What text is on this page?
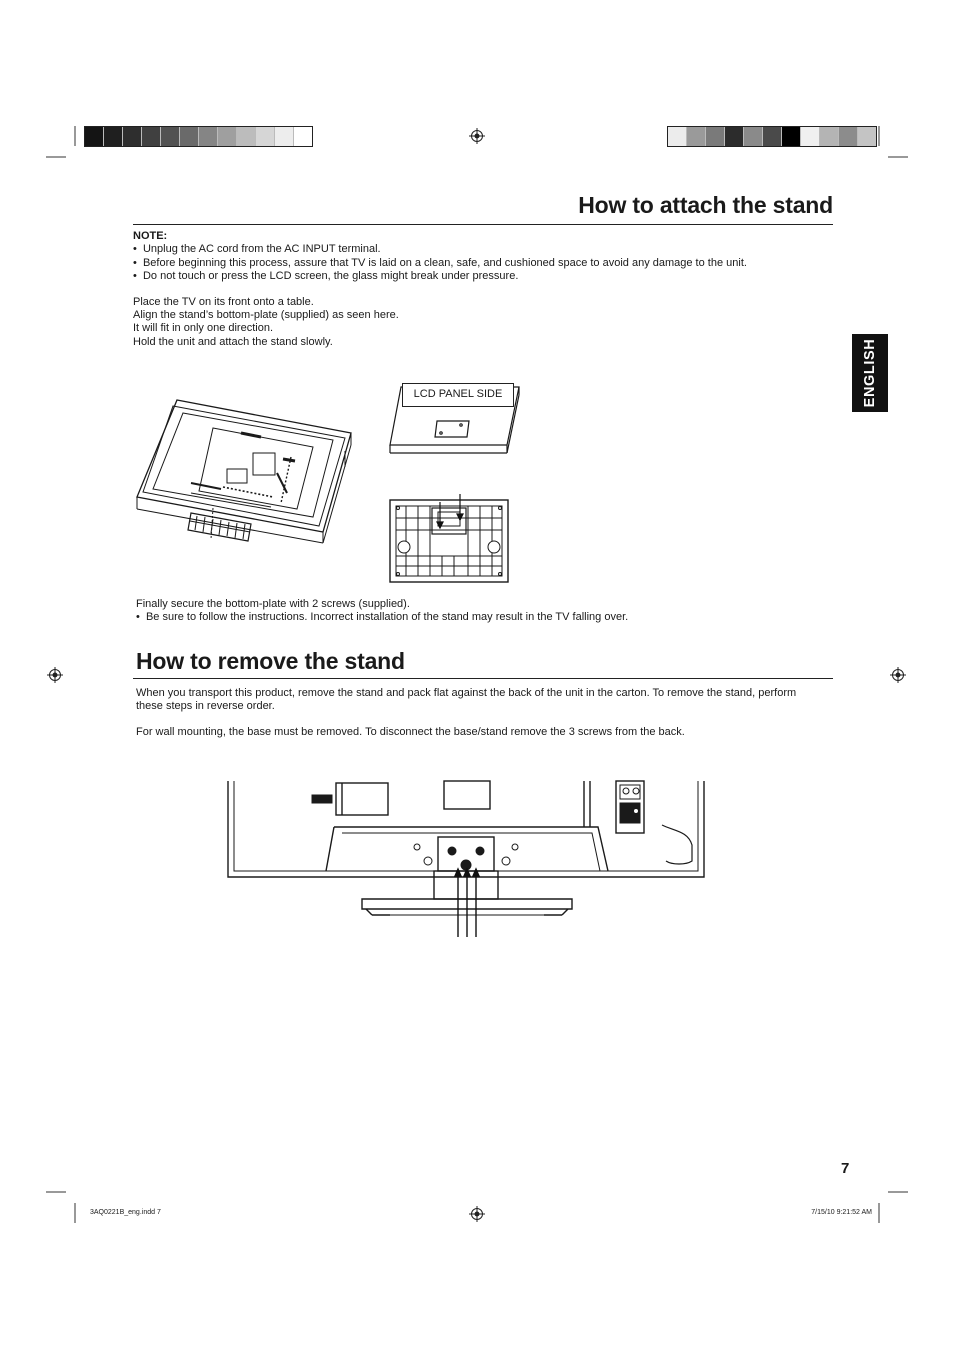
How to attach the stand
NOTE:
•  Unplug the AC cord from the AC INPUT terminal.
•  Before beginning this process, assure that TV is laid on a clean, safe, and cushioned space to avoid any damage to the unit.
•  Do not touch or press the LCD screen, the glass might break under pressure.
Place the TV on its front onto a table.
Align the stand’s bottom-plate (supplied) as seen here.
It will fit in only one direction.
Hold the unit and attach the stand slowly.	ENGLISH
LCD PANEL SIDE
Finally secure the bottom-plate with 2 screws (supplied).
•  Be sure to follow the instructions. Incorrect installation of the stand may result in the TV falling over.
How to remove the stand
When you transport this product, remove the stand and pack flat against the back of the unit in the carton. To remove the stand, perform these steps in reverse order.
For wall mounting, the base must be removed. To disconnect the base/stand remove the 3 screws from the back.
7
3AQ0221B_eng.indd 7	7/15/10 9:21:52 AM
